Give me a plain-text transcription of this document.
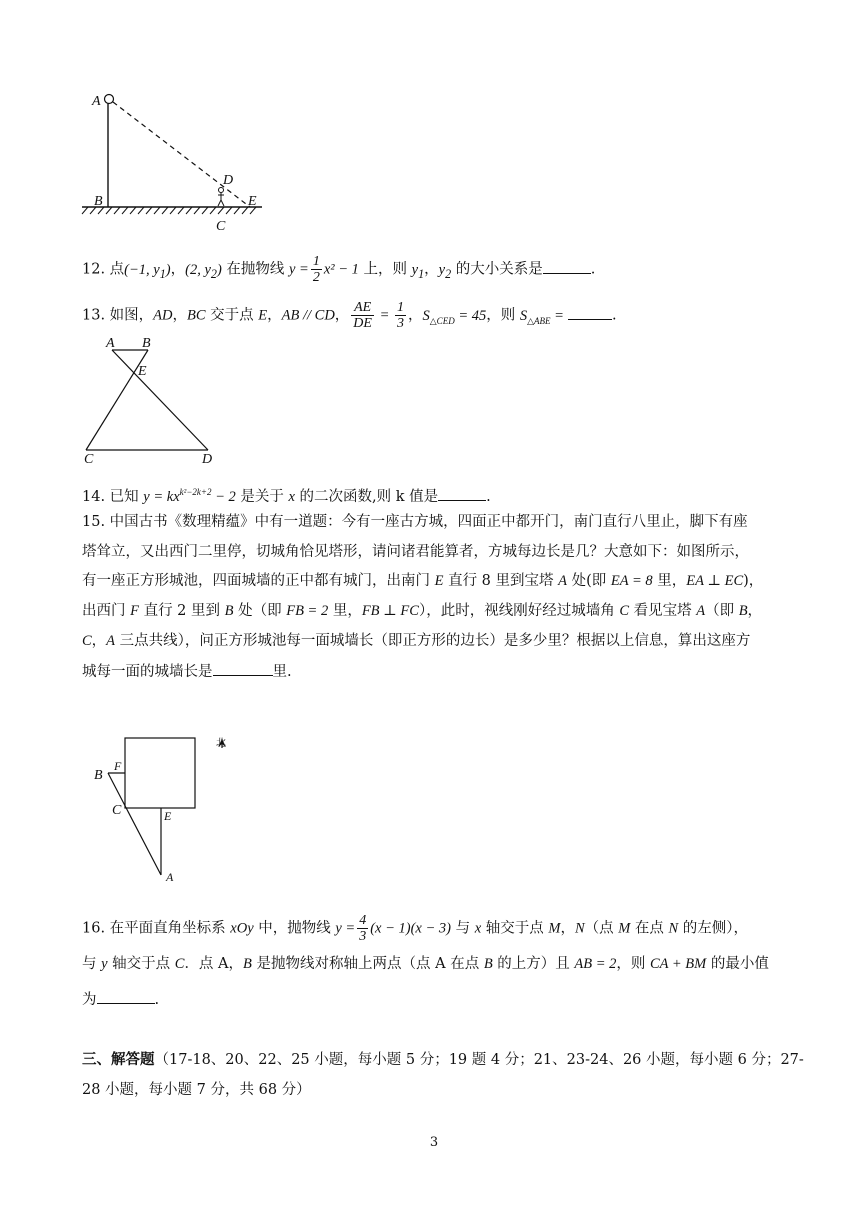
A
B
D
E
C
12. 点(−1, $y_1$)，(2, $y_2$) 在抛物线 $y = \frac{1}{2} x^2 - 1$ 上，则 $y_1$，$y_2$ 的大小关系是	.
13. 如图，AD，BC 交于点 E，AB // CD， $\frac{AE}{DE} = \frac{1}{3}$ ，$S_{\triangle CED} = 45$，则 $S_{\triangle ABE}$ =	.
A B
E
C	D
14. 已知 $y = kx^{k^2-2k+2} - 2$ 是关于 x 的二次函数,则 k 值是	.
15. 中国古书《数理精蕴》中有一道题：今有一座古方城，四面正中都开门，南门直行八里止，脚下有座
塔耸立，又出西门二里停，切城角恰见塔形，请问诸君能算者，方城每边长是几？大意如下：如图所示，
有一座正方形城池，四面城墙的正中都有城门，出南门 E 直行 8 里到宝塔 A 处(即 EA = 8 里，EA ⊥ EC)，
出西门 F 直行 2 里到 B 处（即 FB = 2 里，FB ⊥ FC），此时，视线刚好经过城墙角 C 看见宝塔 A（即 B，
C，A 三点共线），问正方形城池每一面城墙长（即正方形的边长）是多少里？根据以上信息，算出这座方
城每一面的城墙长是	里.
北
B
F
C	E
A
16. 在平面直角坐标系 xOy 中，抛物线 $y = \frac{4}{3} (x - 1)(x - 3)$ 与 x 轴交于点 M，N（点 M 在点 N 的左侧），
与 y 轴交于点 C．点 A，B 是抛物线对称轴上两点（点 A 在点 B 的上方）且 AB = 2，则 CA + BM 的最小值
为	.
三、解答题（17-18、20、22、25 小题，每小题 5 分；19 题 4 分；21、23-24、26 小题，每小题 6 分；27-
28 小题，每小题 7 分，共 68 分）
3
